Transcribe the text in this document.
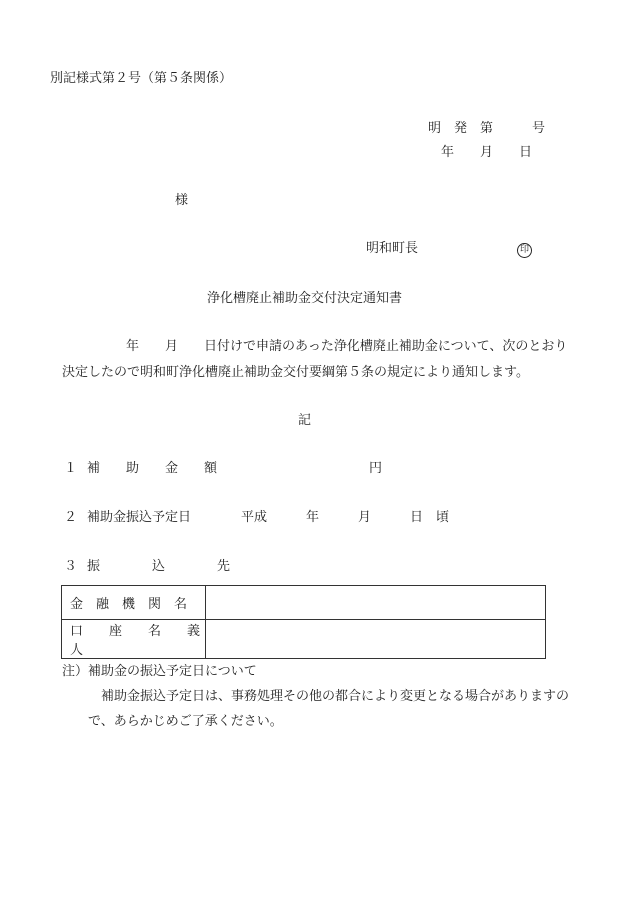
別記様式第２号（第５条関係）
明　発　第　　　号
年　　月　　日
様
明和町長	印
浄化槽廃止補助金交付決定通知書
年　　月　　日付けで申請のあった浄化槽廃止補助金について、次のとおり
決定したので明和町浄化槽廃止補助金交付要綱第５条の規定により通知します。
記
１ 補　　助　　金　　額	円
２ 補助金振込予定日	平成　　　年　　　月　　　日　頃
３ 振　　　　込　　　　先
金　融　機　関　名	
口　　座　　名　　義　　人	
注）補助金の振込予定日について
補助金振込予定日は、事務処理その他の都合により変更となる場合がありますの
で、あらかじめご了承ください。
